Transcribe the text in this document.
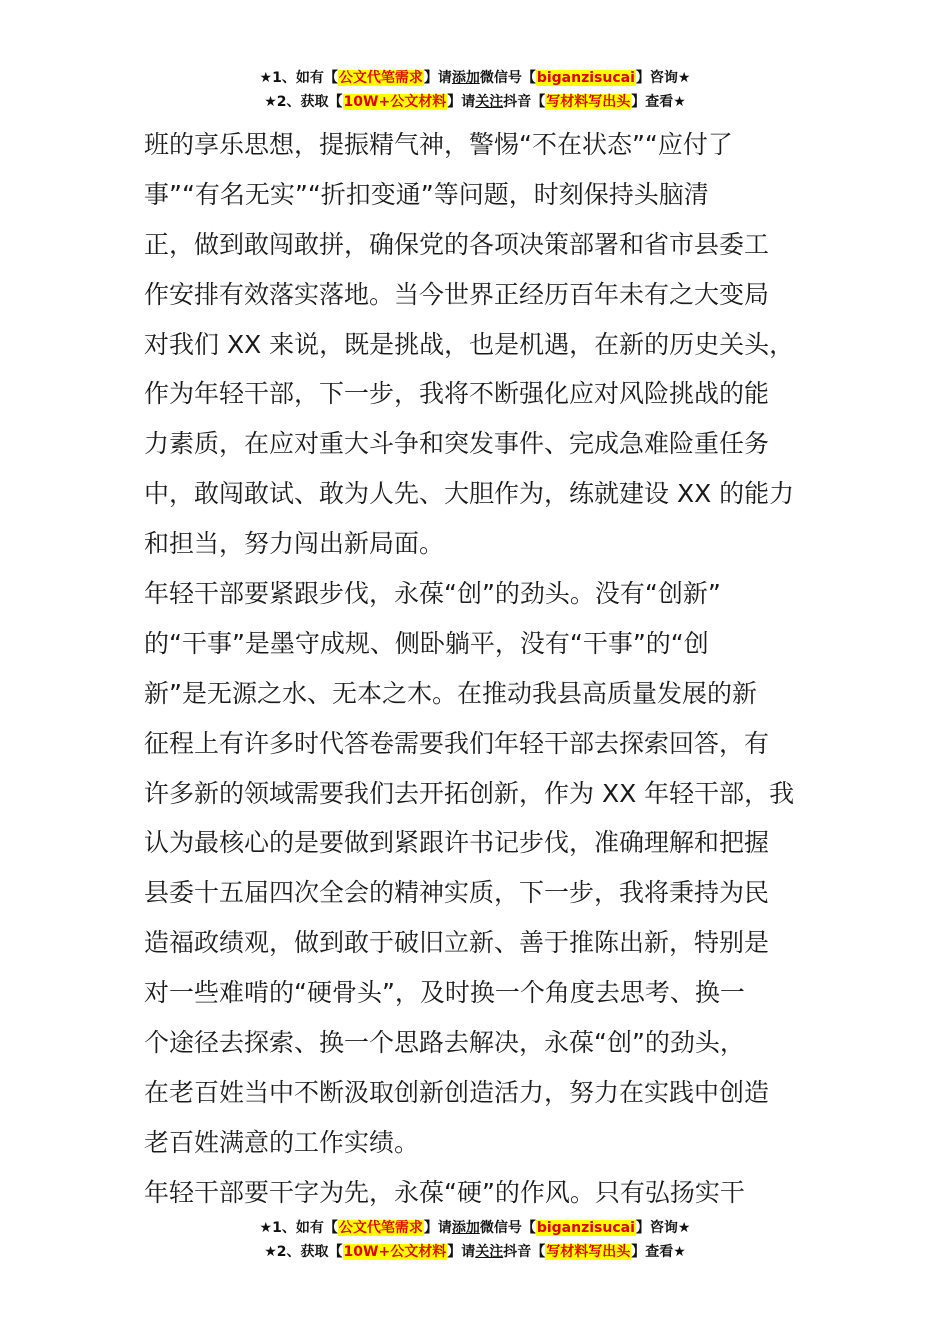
★1、如有【公文代笔需求】请添加微信号【biganzisucai】咨询★
★2、获取【10W+公文材料】请关注抖音【写材料写出头】查看★
班的享乐思想，提振精气神，警惕“不在状态”“应付了
事”“有名无实”“折扣变通”等问题，时刻保持头脑清
正，做到敢闯敢拼，确保党的各项决策部署和省市县委工
作安排有效落实落地。当今世界正经历百年未有之大变局
对我们 XX 来说，既是挑战，也是机遇，在新的历史关头，
作为年轻干部，下一步，我将不断强化应对风险挑战的能
力素质，在应对重大斗争和突发事件、完成急难险重任务
中，敢闯敢试、敢为人先、大胆作为，练就建设 XX 的能力
和担当，努力闯出新局面。
年轻干部要紧跟步伐，永葆“创”的劲头。没有“创新”
的“干事”是墨守成规、侧卧躺平，没有“干事”的“创
新”是无源之水、无本之木。在推动我县高质量发展的新
征程上有许多时代答卷需要我们年轻干部去探索回答，有
许多新的领域需要我们去开拓创新，作为 XX 年轻干部，我
认为最核心的是要做到紧跟许书记步伐，准确理解和把握
县委十五届四次全会的精神实质，下一步，我将秉持为民
造福政绩观，做到敢于破旧立新、善于推陈出新，特别是
对一些难啃的“硬骨头”，及时换一个角度去思考、换一
个途径去探索、换一个思路去解决，永葆“创”的劲头，
在老百姓当中不断汲取创新创造活力，努力在实践中创造
老百姓满意的工作实绩。
年轻干部要干字为先，永葆“硬”的作风。只有弘扬实干
★1、如有【公文代笔需求】请添加微信号【biganzisucai】咨询★
★2、获取【10W+公文材料】请关注抖音【写材料写出头】查看★
